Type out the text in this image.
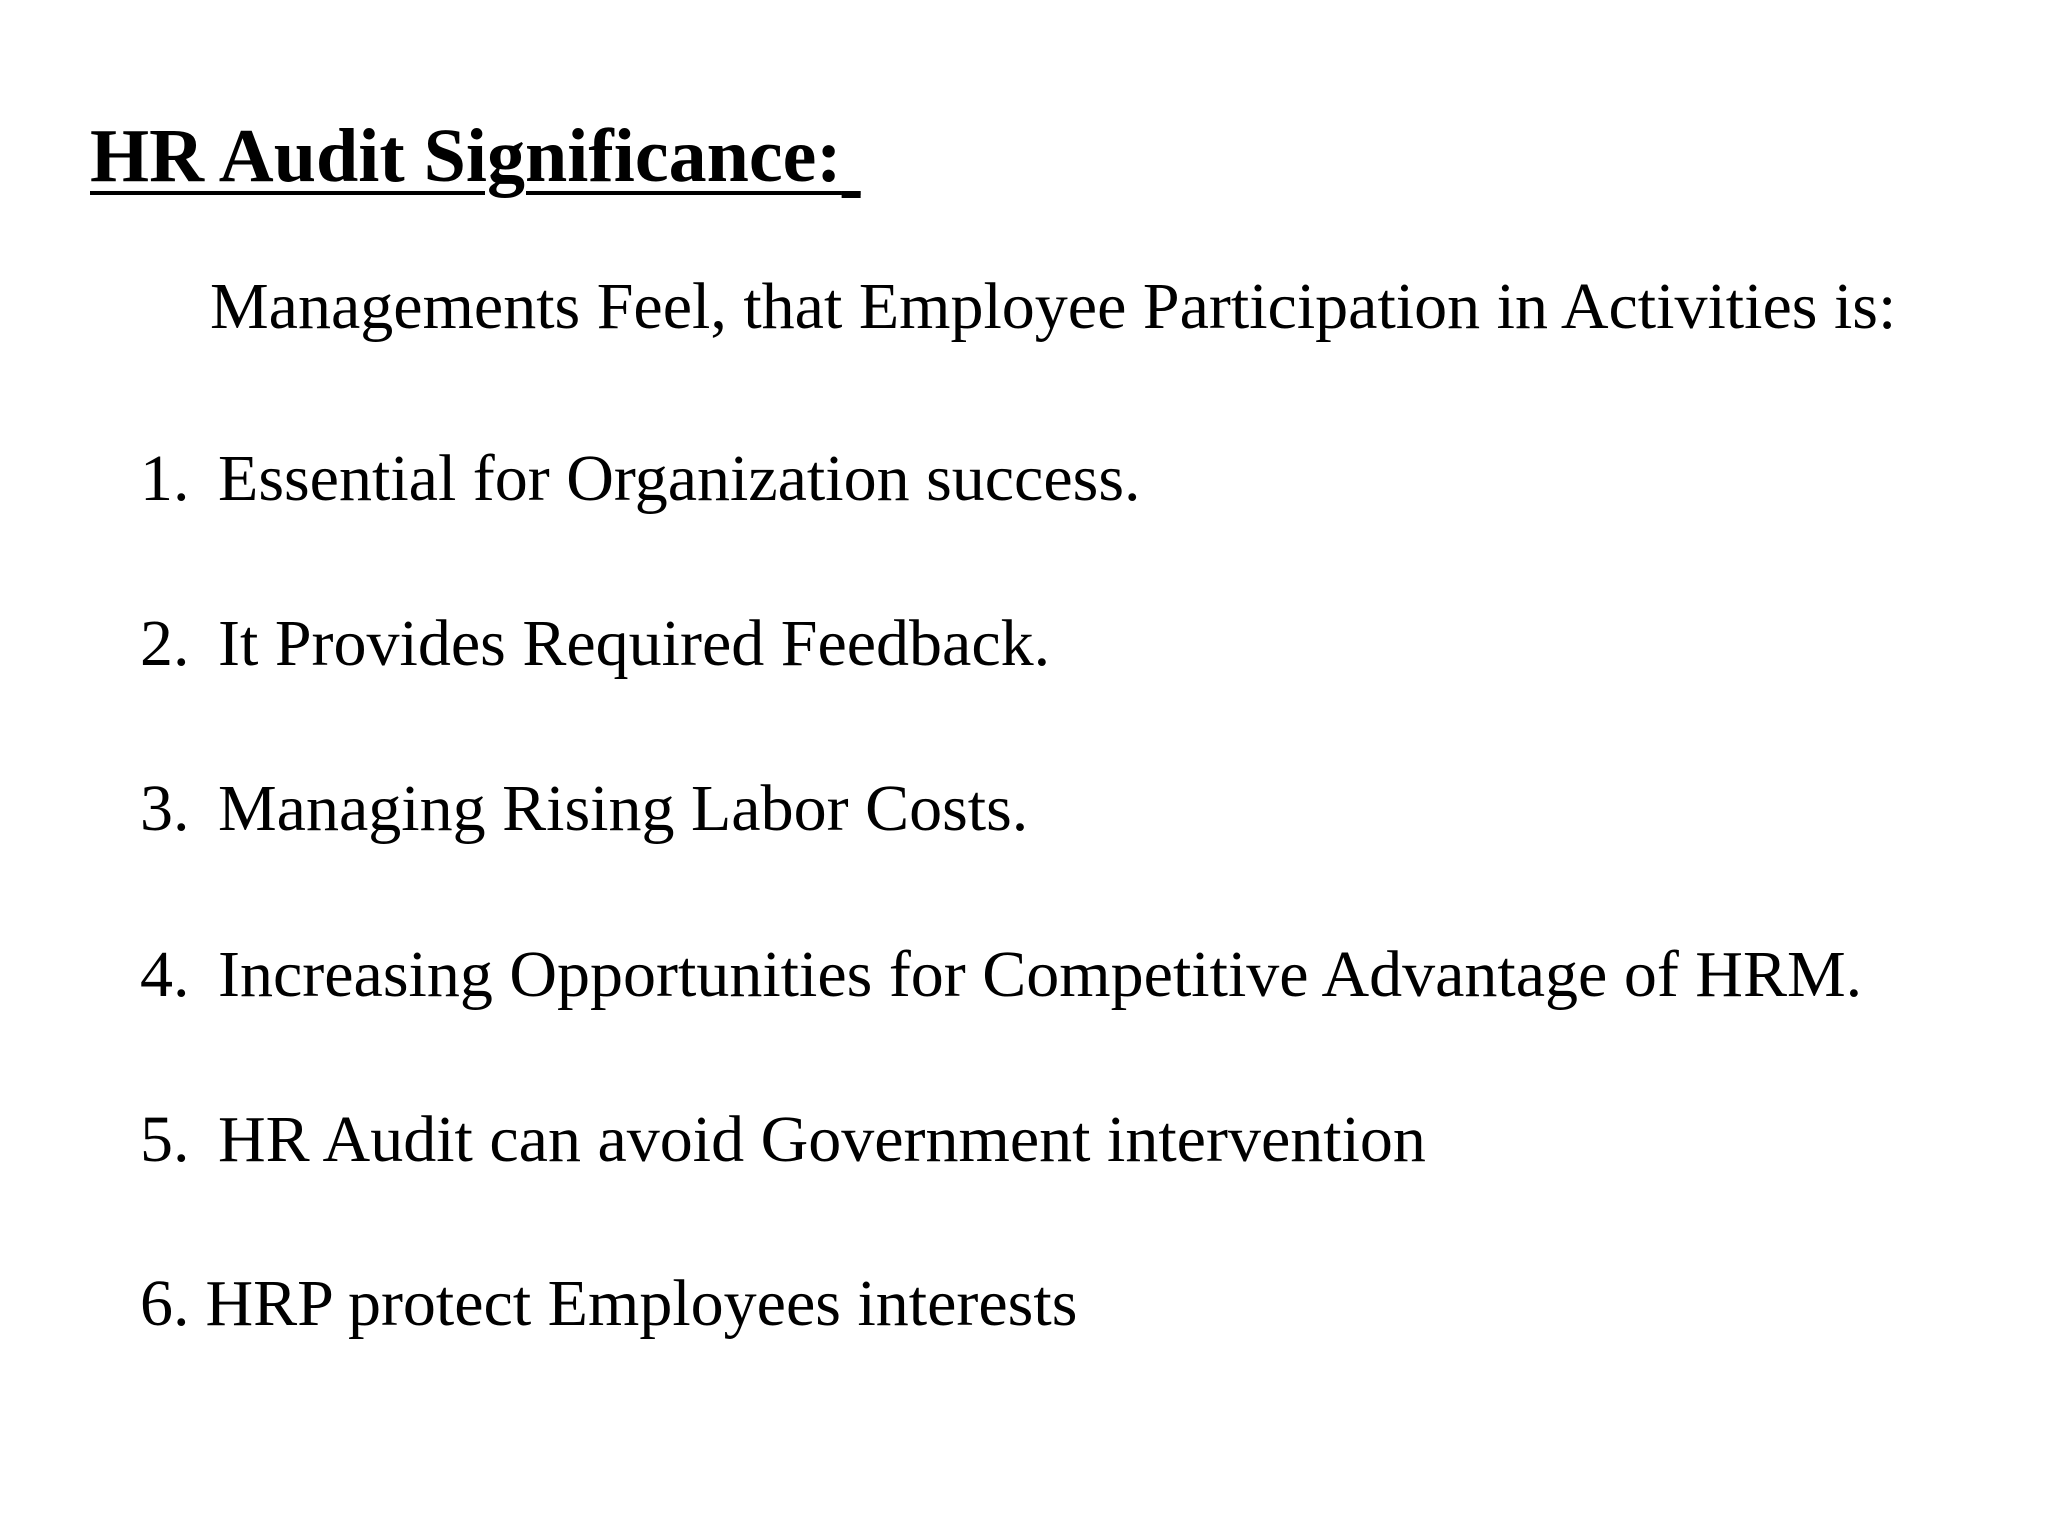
HR Audit Significance:
Managements Feel, that Employee Participation in Activities is:
1. Essential for Organization success.
2. It Provides Required Feedback.
3. Managing Rising Labor Costs.
4. Increasing Opportunities for Competitive Advantage of HRM.
5. HR Audit can avoid Government intervention
6. HRP protect Employees interests
